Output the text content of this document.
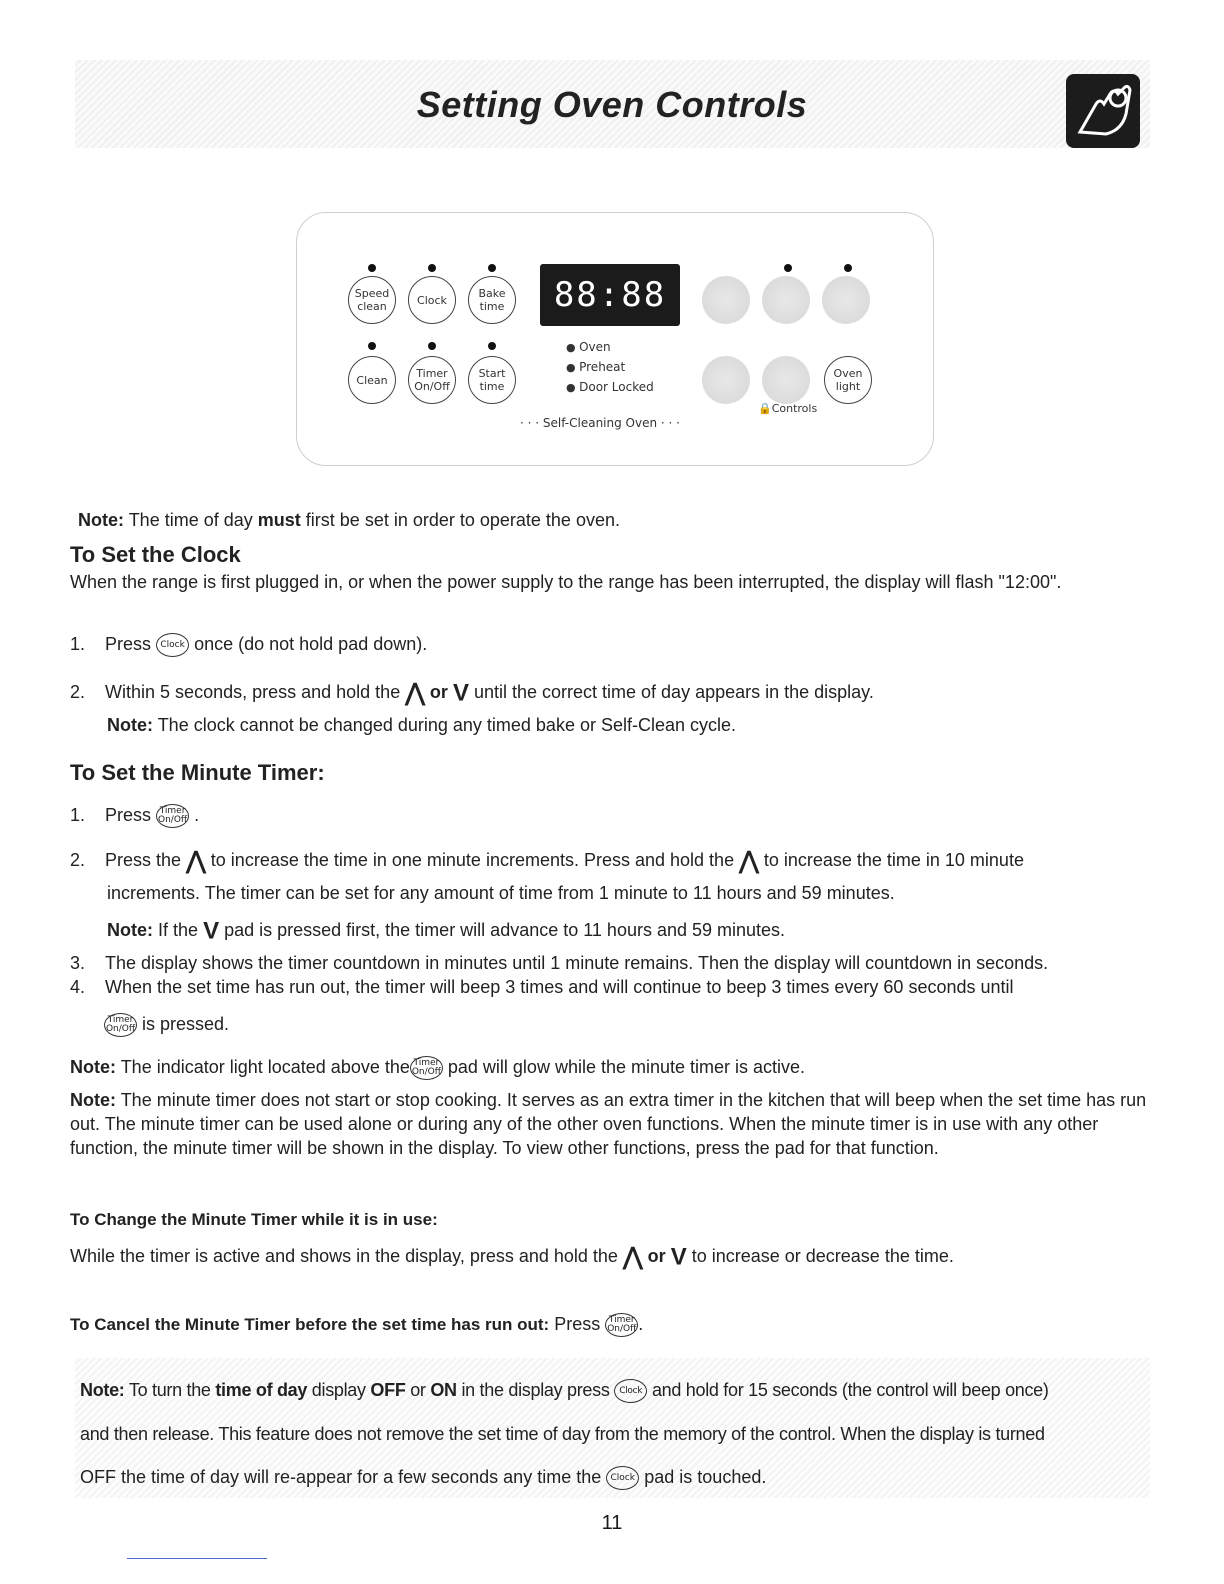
Setting Oven Controls
Speed
clean	Clock	Bake
time
Clean	Timer
On/Off
Start
time
88:88
● Oven
● Preheat
● Door Locked
Oven
light
🔒Controls
· · · Self-Cleaning Oven · · ·
Note: The time of day must first be set in order to operate the oven.
To Set the Clock
When the range is first plugged in, or when the power supply to the range has been interrupted, the display will flash "12:00".
1. Press Clock once (do not hold pad down).
2. Within 5 seconds, press and hold the ⋀ or V until the correct time of day appears in the display.
Note: The clock cannot be changed during any timed bake or Self-Clean cycle.
To Set the Minute Timer:
1. Press Timer
On/Off .
2. Press the ⋀ to increase the time in one minute increments. Press and hold the ⋀ to increase the time in 10 minute
increments. The timer can be set for any amount of time from 1 minute to 11 hours and 59 minutes.
Note: If the V pad is pressed first, the timer will advance to 11 hours and 59 minutes.
3. The display shows the timer countdown in minutes until 1 minute remains. Then the display will countdown in seconds.
4. When the set time has run out, the timer will beep 3 times and will continue to beep 3 times every 60 seconds until
Timer
On/Off is pressed.
Note: The indicator light located above the Timer
On/Off pad will glow while the minute timer is active.
Note: The minute timer does not start or stop cooking. It serves as an extra timer in the kitchen that will beep when the set time has run out. The minute timer can be used alone or during any of the other oven functions. When the minute timer is in use with any other function, the minute timer will be shown in the display. To view other functions, press the pad for that function.
To Change the Minute Timer while it is in use:
While the timer is active and shows in the display, press and hold the ⋀ or V to increase or decrease the time.
To Cancel the Minute Timer before the set time has run out: Press Timer
On/Off .
Note: To turn the time of day display OFF or ON in the display press Clock and hold for 15 seconds (the control will beep once)
and then release. This feature does not remove the set time of day from the memory of the control. When the display is turned
OFF the time of day will re-appear for a few seconds any time the Clock pad is touched.
11
